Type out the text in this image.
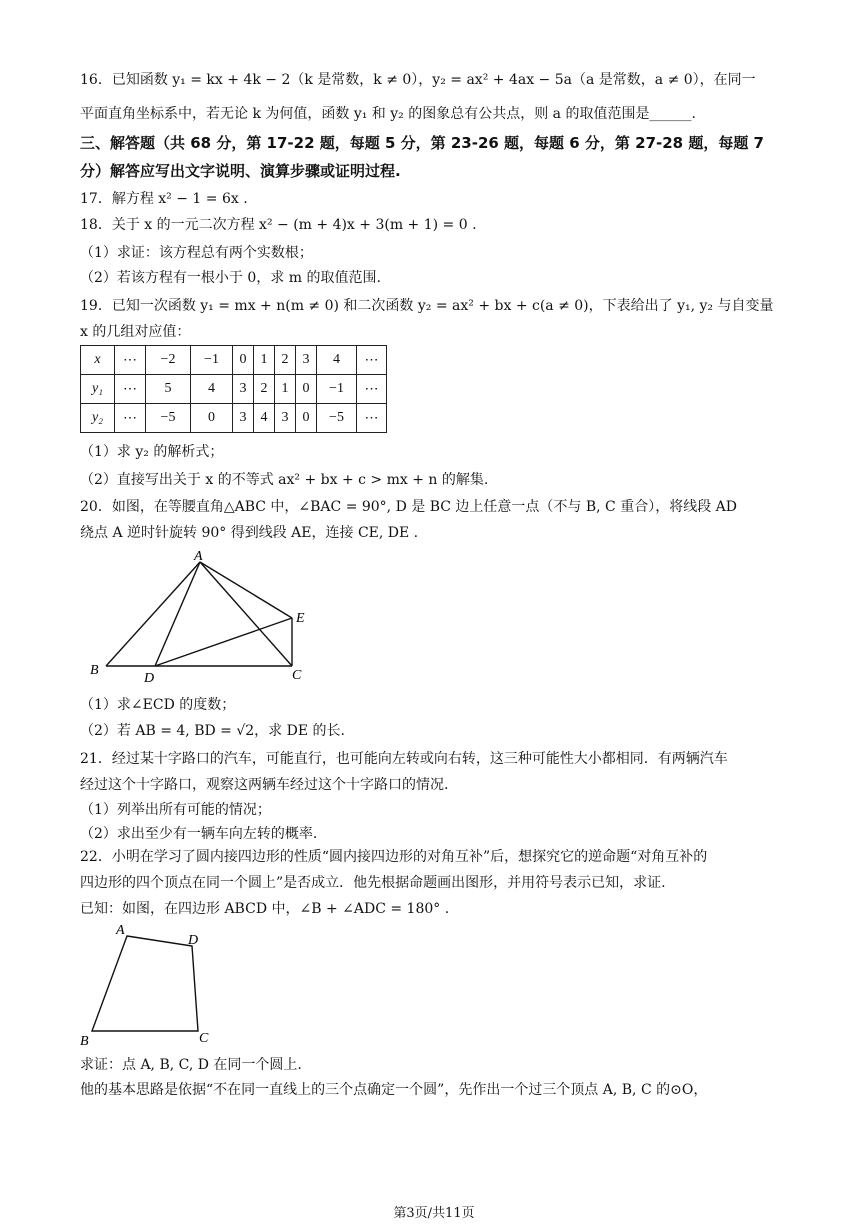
16．已知函数 y₁ = kx + 4k − 2（k 是常数，k ≠ 0），y₂ = ax² + 4ax − 5a（a 是常数，a ≠ 0），在同一
平面直角坐标系中，若无论 k 为何值，函数 y₁ 和 y₂ 的图象总有公共点，则 a 的取值范围是______.
三、解答题（共 68 分，第 17-22 题，每题 5 分，第 23-26 题，每题 6 分，第 27-28 题，每题 7
分）解答应写出文字说明、演算步骤或证明过程.
17．解方程 x² − 1 = 6x .
18．关于 x 的一元二次方程 x² − (m + 4)x + 3(m + 1) = 0 .
（1）求证：该方程总有两个实数根；
（2）若该方程有一根小于 0，求 m 的取值范围.
19．已知一次函数 y₁ = mx + n(m ≠ 0) 和二次函数 y₂ = ax² + bx + c(a ≠ 0)，下表给出了 y₁, y₂ 与自变量
x 的几组对应值：
x	⋯	−2	−1	0	1	2	3	4	⋯
y₁	⋯	5	4	3	2	1	0	−1	⋯
y₂	⋯	−5	0	3	4	3	0	−5	⋯
（1）求 y₂ 的解析式；
（2）直接写出关于 x 的不等式 ax² + bx + c > mx + n 的解集.
20．如图，在等腰直角△ABC 中，∠BAC = 90°, D 是 BC 边上任意一点（不与 B, C 重合），将线段 AD
绕点 A 逆时针旋转 90° 得到线段 AE，连接 CE, DE .
A
B	C
D
E
（1）求∠ECD 的度数；
（2）若 AB = 4, BD = √2，求 DE 的长.
21．经过某十字路口的汽车，可能直行，也可能向左转或向右转，这三种可能性大小都相同．有两辆汽车
经过这个十字路口，观察这两辆车经过这个十字路口的情况.
（1）列举出所有可能的情况；
（2）求出至少有一辆车向左转的概率.
22．小明在学习了圆内接四边形的性质“圆内接四边形的对角互补”后，想探究它的逆命题“对角互补的
四边形的四个顶点在同一个圆上”是否成立．他先根据命题画出图形，并用符号表示已知，求证.
已知：如图，在四边形 ABCD 中，∠B + ∠ADC = 180° .
A
D
B	C
求证：点 A, B, C, D 在同一个圆上.
他的基本思路是依据“不在同一直线上的三个点确定一个圆”，先作出一个过三个顶点 A, B, C 的⊙O，
第3页/共11页
